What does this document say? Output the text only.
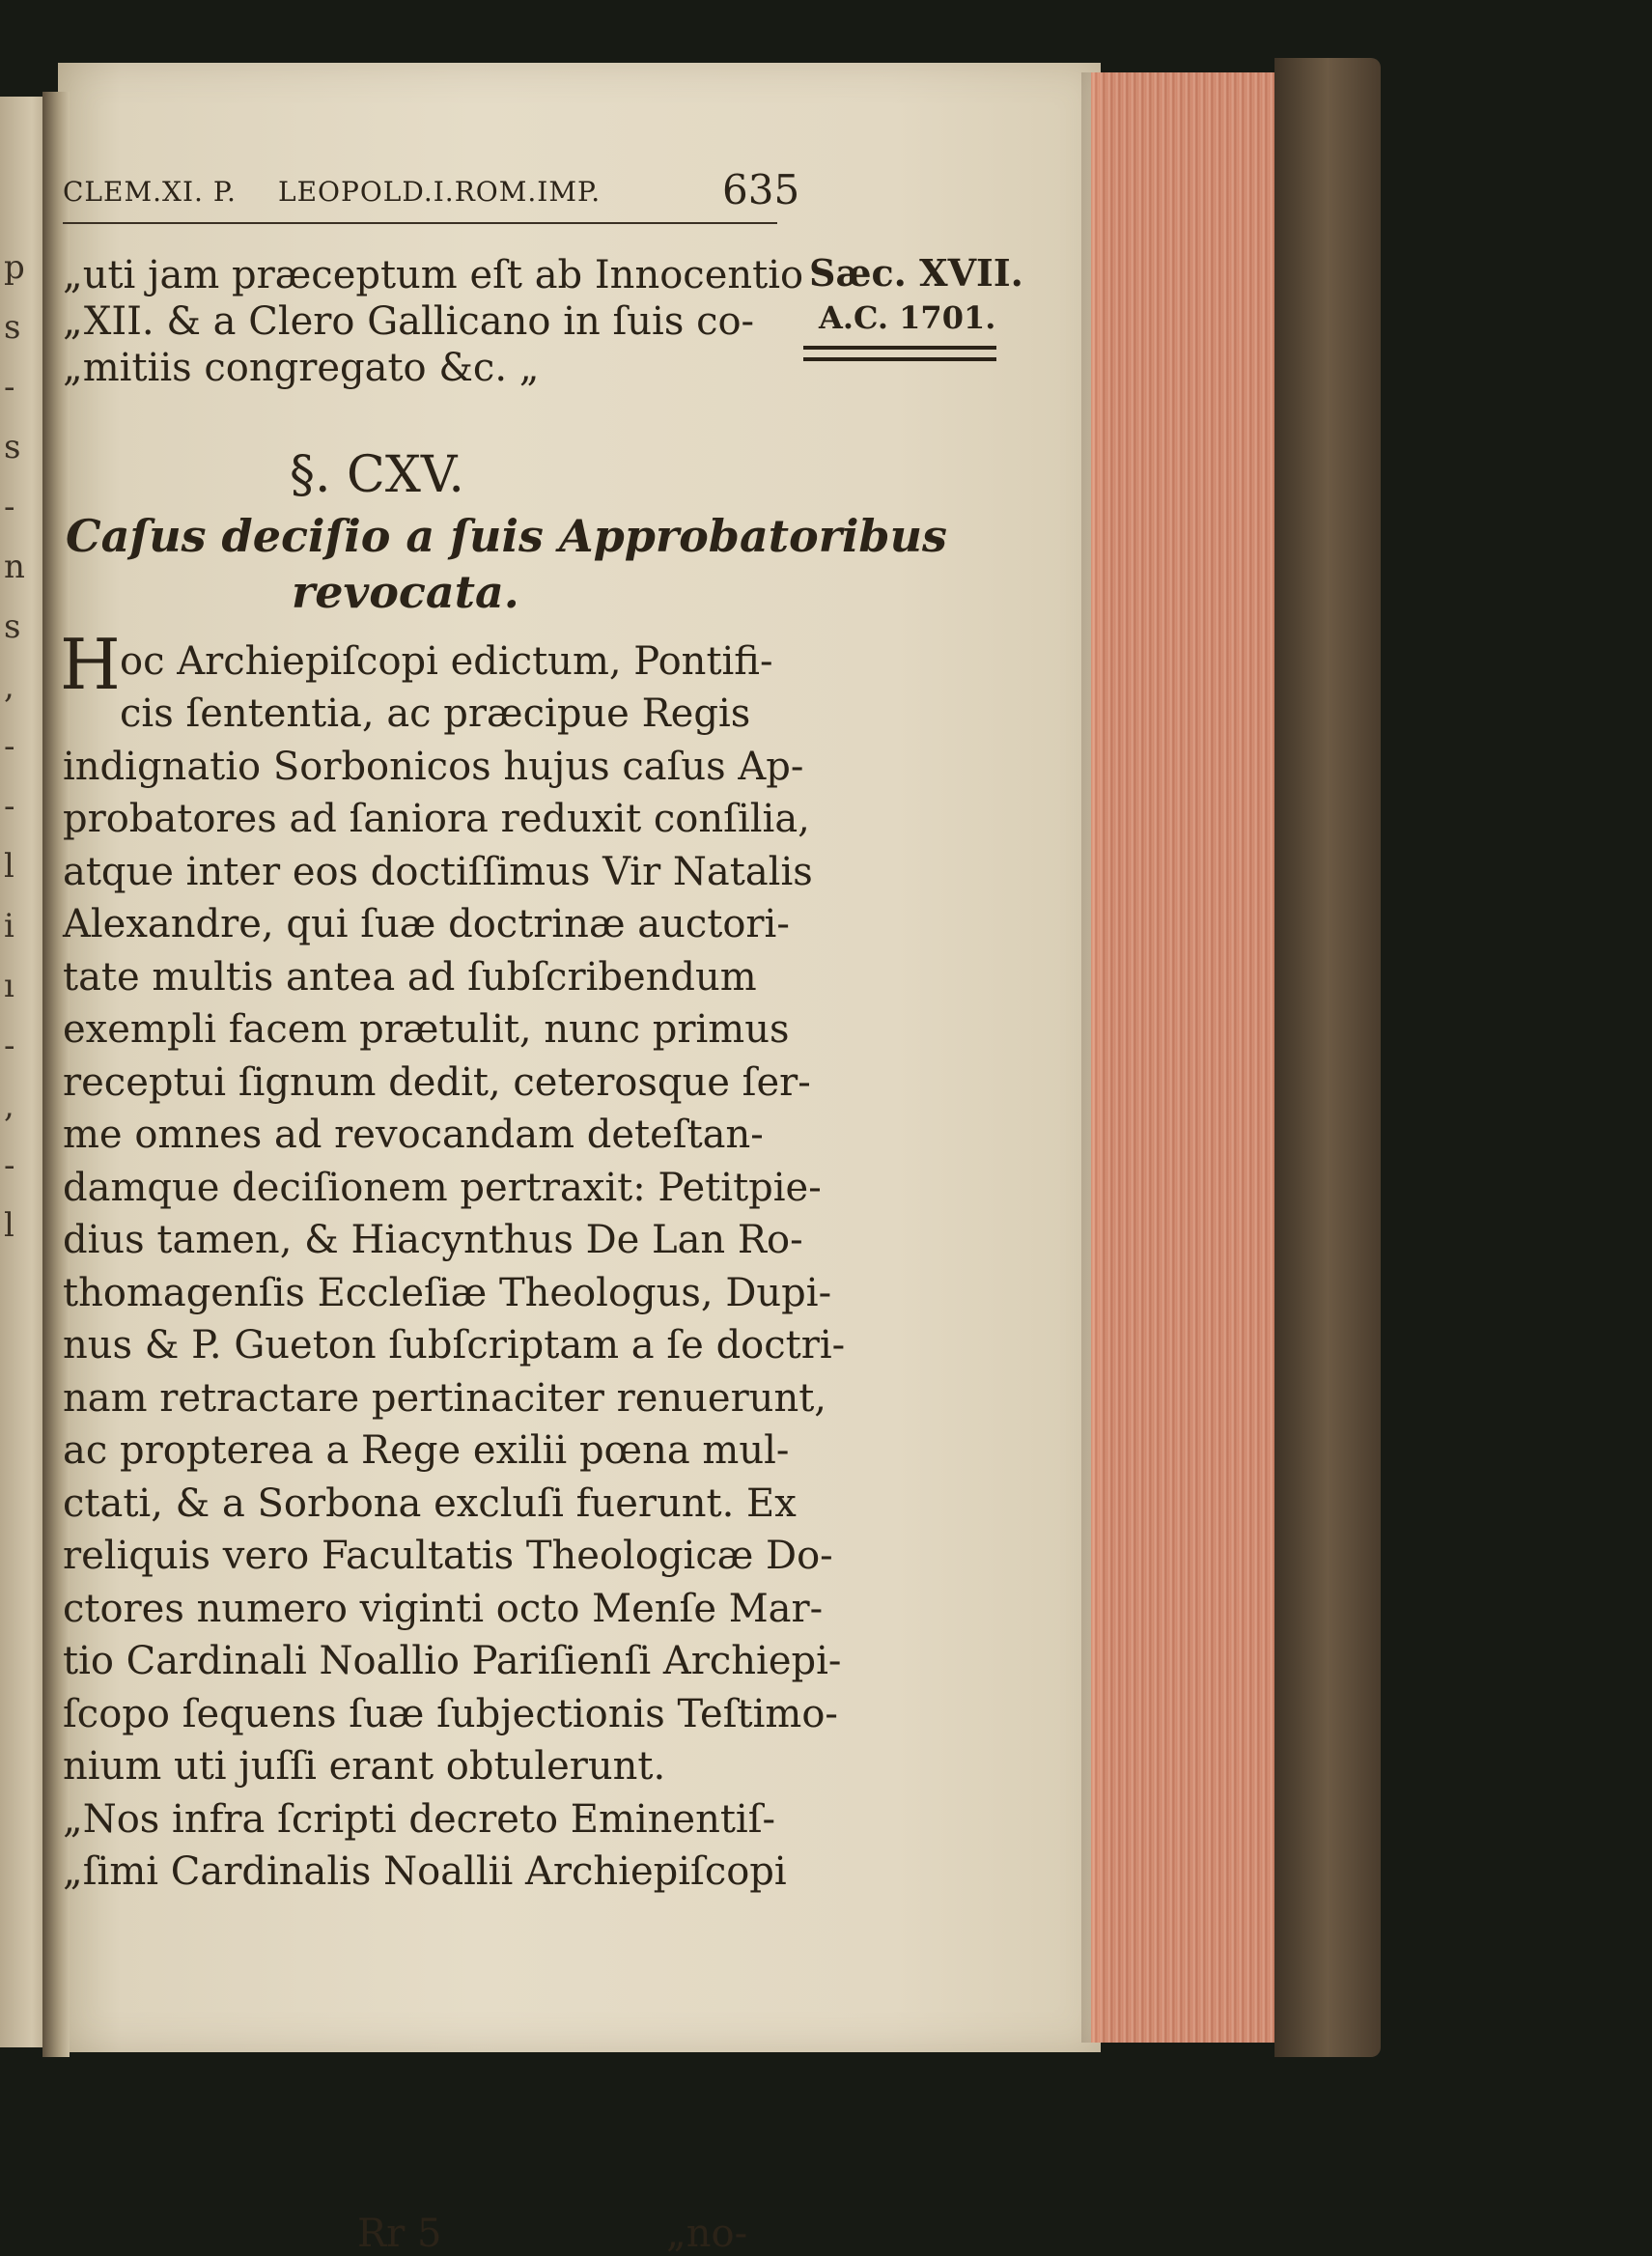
p
s
-
s
-
n
s
,
-
-
l
i
ı
-
,
-
l
CLEM.XI. P. LEOPOLD.I.ROM.IMP.	635
„uti jam præceptum eſt ab Innocentio
„XII. & a Clero Gallicano in ſuis co-
„mitiis congregato &c. „
Sæc. XVII.
A.C. 1701.
§. CXV.
Caſus deciſio a ſuis Approbatoribus
revocata.
H oc Archiepiſcopi edictum, Pontifi-
cis ſententia, ac præcipue Regis
indignatio Sorbonicos hujus caſus Ap-
probatores ad ſaniora reduxit conſilia,
atque inter eos doctiſſimus Vir Natalis
Alexandre, qui ſuæ doctrinæ auctori-
tate multis antea ad ſubſcribendum
exempli facem prætulit, nunc primus
receptui ſignum dedit, ceterosque ſer-
me omnes ad revocandam deteſtan-
damque deciſionem pertraxit: Petitpie-
dius tamen, & Hiacynthus De Lan Ro-
thomagenſis Eccleſiæ Theologus, Dupi-
nus & P. Gueton ſubſcriptam a ſe doctri-
nam retractare pertinaciter renuerunt,
ac propterea a Rege exilii pœna mul-
ctati, & a Sorbona excluſi fuerunt. Ex
reliquis vero Facultatis Theologicæ Do-
ctores numero viginti octo Menſe Mar-
tio Cardinali Noallio Pariſienſi Archiepi-
ſcopo ſequens ſuæ ſubjectionis Teſtimo-
nium uti juſſi erant obtulerunt.
„Nos infra ſcripti decreto Eminentiſ-
„ſimi Cardinalis Noallii Archiepiſcopi
Rr 5	„no-
